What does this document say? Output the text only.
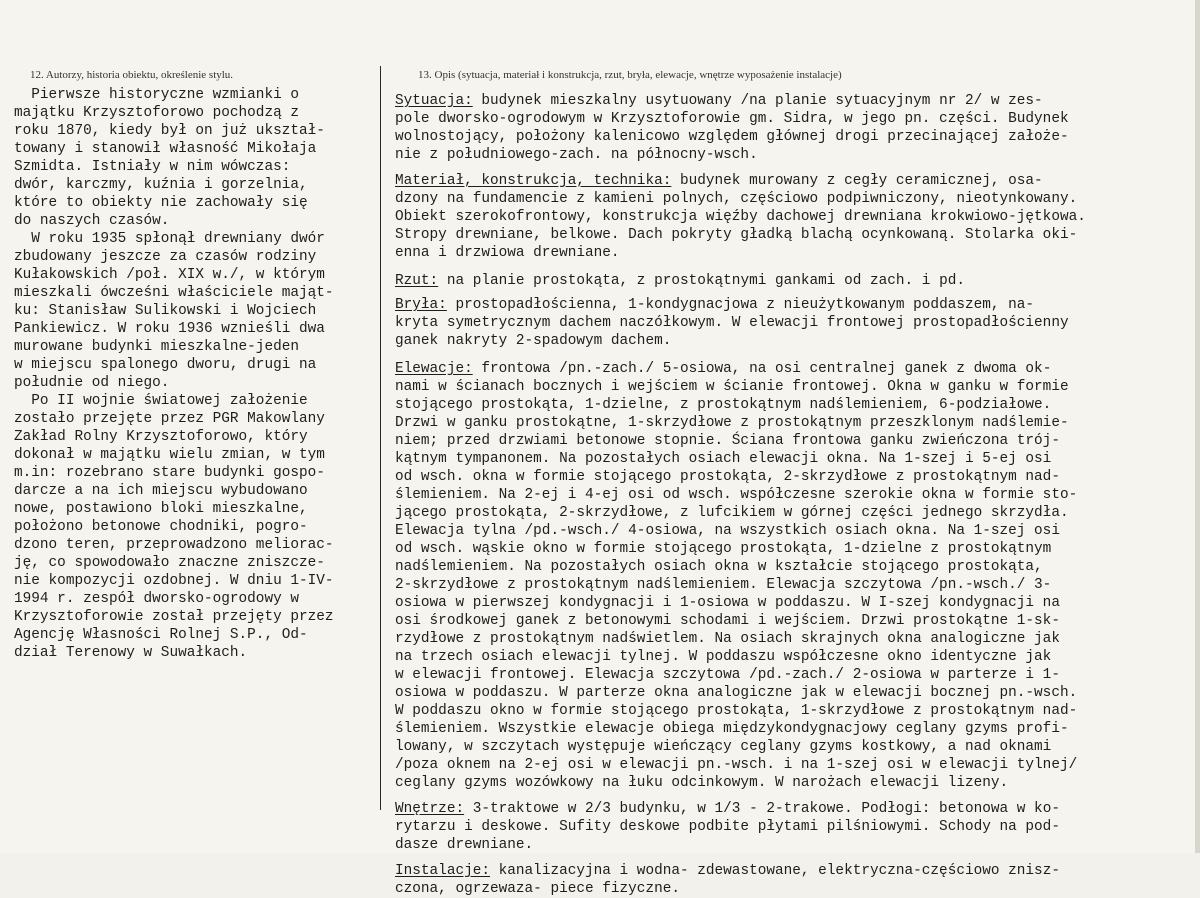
12. Autorzy, historia obiektu, określenie stylu.	13. Opis (sytuacja, materiał i konstrukcja, rzut, bryła, elewacje, wnętrze wyposażenie instalacje)
Pierwsze historyczne wzmianki o
majątku Krzysztoforowo pochodzą z
roku 1870, kiedy był on już ukształ-
towany i stanowił własność Mikołaja
Szmidta. Istniały w nim wówczas:
dwór, karczmy, kuźnia i gorzelnia,
które to obiekty nie zachowały się
do naszych czasów.
W roku 1935 spłonął drewniany dwór
zbudowany jeszcze za czasów rodziny
Kułakowskich /poł. XIX w./, w którym
mieszkali ówcześni właściciele mająt-
ku: Stanisław Sulikowski i Wojciech
Pankiewicz. W roku 1936 wznieśli dwa
murowane budynki mieszkalne-jeden
w miejscu spalonego dworu, drugi na
południe od niego.
Po II wojnie światowej założenie
zostało przejęte przez PGR Makowlany
Zakład Rolny Krzysztoforowo, który
dokonał w majątku wielu zmian, w tym
m.in: rozebrano stare budynki gospo-
darcze a na ich miejscu wybudowano
nowe, postawiono bloki mieszkalne,
położono betonowe chodniki, pogro-
dzono teren, przeprowadzono meliorac-
ję, co spowodowało znaczne zniszcze-
nie kompozycji ozdobnej. W dniu 1-IV-
1994 r. zespół dworsko-ogrodowy w
Krzysztoforowie został przejęty przez
Agencję Własności Rolnej S.P., Od-
dział Terenowy w Suwałkach.
Sytuacja: budynek mieszkalny usytuowany /na planie sytuacyjnym nr 2/ w zes-
pole dworsko-ogrodowym w Krzysztoforowie gm. Sidra, w jego pn. części. Budynek
wolnostojący, położony kalenicowo względem głównej drogi przecinającej założe-
nie z południowego-zach. na północny-wsch.
Materiał, konstrukcja, technika: budynek murowany z cegły ceramicznej, osa-
dzony na fundamencie z kamieni polnych, częściowo podpiwniczony, nieotynkowany.
Obiekt szerokofrontowy, konstrukcja więźby dachowej drewniana krokwiowo-jętkowa.
Stropy drewniane, belkowe. Dach pokryty gładką blachą ocynkowaną. Stolarka oki-
enna i drzwiowa drewniane.
Rzut: na planie prostokąta, z prostokątnymi gankami od zach. i pd.
Bryła: prostopadłościenna, 1-kondygnacjowa z nieużytkowanym poddaszem, na-
kryta symetrycznym dachem naczółkowym. W elewacji frontowej prostopadłościenny
ganek nakryty 2-spadowym dachem.
Elewacje: frontowa /pn.-zach./ 5-osiowa, na osi centralnej ganek z dwoma ok-
nami w ścianach bocznych i wejściem w ścianie frontowej. Okna w ganku w formie
stojącego prostokąta, 1-dzielne, z prostokątnym nadślemieniem, 6-podziałowe.
Drzwi w ganku prostokątne, 1-skrzydłowe z prostokątnym przeszklonym nadślemie-
niem; przed drzwiami betonowe stopnie. Ściana frontowa ganku zwieńczona trój-
kątnym tympanonem. Na pozostałych osiach elewacji okna. Na 1-szej i 5-ej osi
od wsch. okna w formie stojącego prostokąta, 2-skrzydłowe z prostokątnym nad-
ślemieniem. Na 2-ej i 4-ej osi od wsch. współczesne szerokie okna w formie sto-
jącego prostokąta, 2-skrzydłowe, z lufcikiem w górnej części jednego skrzydła.
Elewacja tylna /pd.-wsch./ 4-osiowa, na wszystkich osiach okna. Na 1-szej osi
od wsch. wąskie okno w formie stojącego prostokąta, 1-dzielne z prostokątnym
nadślemieniem. Na pozostałych osiach okna w kształcie stojącego prostokąta,
2-skrzydłowe z prostokątnym nadślemieniem. Elewacja szczytowa /pn.-wsch./ 3-
osiowa w pierwszej kondygnacji i 1-osiowa w poddaszu. W I-szej kondygnacji na
osi środkowej ganek z betonowymi schodami i wejściem. Drzwi prostokątne 1-sk-
rzydłowe z prostokątnym nadświetlem. Na osiach skrajnych okna analogiczne jak
na trzech osiach elewacji tylnej. W poddaszu współczesne okno identyczne jak
w elewacji frontowej. Elewacja szczytowa /pd.-zach./ 2-osiowa w parterze i 1-
osiowa w poddaszu. W parterze okna analogiczne jak w elewacji bocznej pn.-wsch.
W poddaszu okno w formie stojącego prostokąta, 1-skrzydłowe z prostokątnym nad-
ślemieniem. Wszystkie elewacje obiega międzykondygnacjowy ceglany gzyms profi-
lowany, w szczytach występuje wieńczący ceglany gzyms kostkowy, a nad oknami
/poza oknem na 2-ej osi w elewacji pn.-wsch. i na 1-szej osi w elewacji tylnej/
ceglany gzyms wozówkowy na łuku odcinkowym. W narożach elewacji lizeny.
Wnętrze: 3-traktowe w 2/3 budynku, w 1/3 - 2-trakowe. Podłogi: betonowa w ko-
rytarzu i deskowe. Sufity deskowe podbite płytami pilśniowymi. Schody na pod-
dasze drewniane.
Instalacje: kanalizacyjna i wodna- zdewastowane, elektryczna-częściowo znisz-
czona, ogrzewaza- piece fizyczne.
